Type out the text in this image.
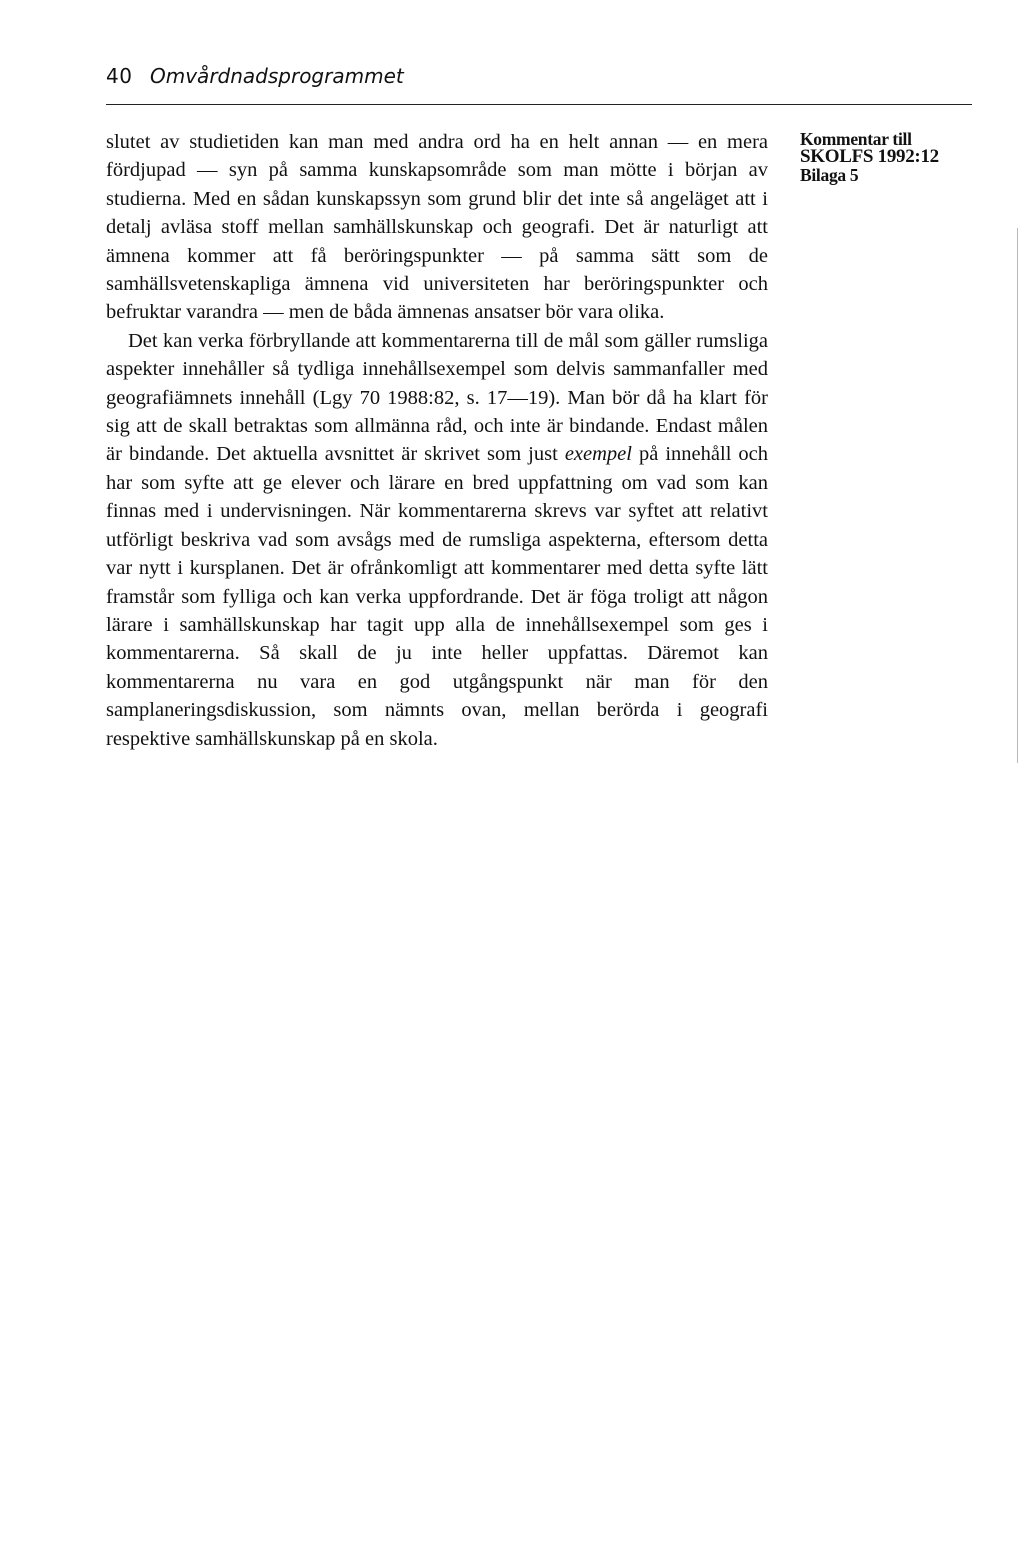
40 Omvårdnadsprogrammet

slutet av studietiden kan man med andra ord ha en helt annan — en mera fördjupad — syn på samma kunskapsområde som man mötte i början av studierna. Med en sådan kunskapssyn som grund blir det inte så angeläget att i detalj avläsa stoff mellan samhällskunskap och geografi. Det är naturligt att ämnena kommer att få beröringspunkter — på samma sätt som de samhällsvetenskapliga ämnena vid universiteten har beröringspunkter och befruktar varandra — men de båda ämnenas ansatser bör vara olika.

Det kan verka förbryllande att kommentarerna till de mål som gäller rumsliga aspekter innehåller så tydliga innehållsexempel som delvis sammanfaller med geografiämnets innehåll (Lgy 70 1988:82, s. 17—19). Man bör då ha klart för sig att de skall betraktas som allmänna råd, och inte är bindande. Endast målen är bindande. Det aktuella avsnittet är skrivet som just exempel på innehåll och har som syfte att ge elever och lärare en bred uppfattning om vad som kan finnas med i undervisningen. När kommentarerna skrevs var syftet att relativt utförligt beskriva vad som avsågs med de rumsliga aspekterna, eftersom detta var nytt i kursplanen. Det är ofrånkomligt att kommentarer med detta syfte lätt framstår som fylliga och kan verka uppfordrande. Det är föga troligt att någon lärare i samhällskunskap har tagit upp alla de innehållsexempel som ges i kommentarerna. Så skall de ju inte heller uppfattas. Däremot kan kommentarerna nu vara en god utgångspunkt när man för den samplaneringsdiskussion, som nämnts ovan, mellan berörda i geografi respektive samhällskunskap på en skola.

Kommentar till
SKOLFS 1992:12
Bilaga 5
